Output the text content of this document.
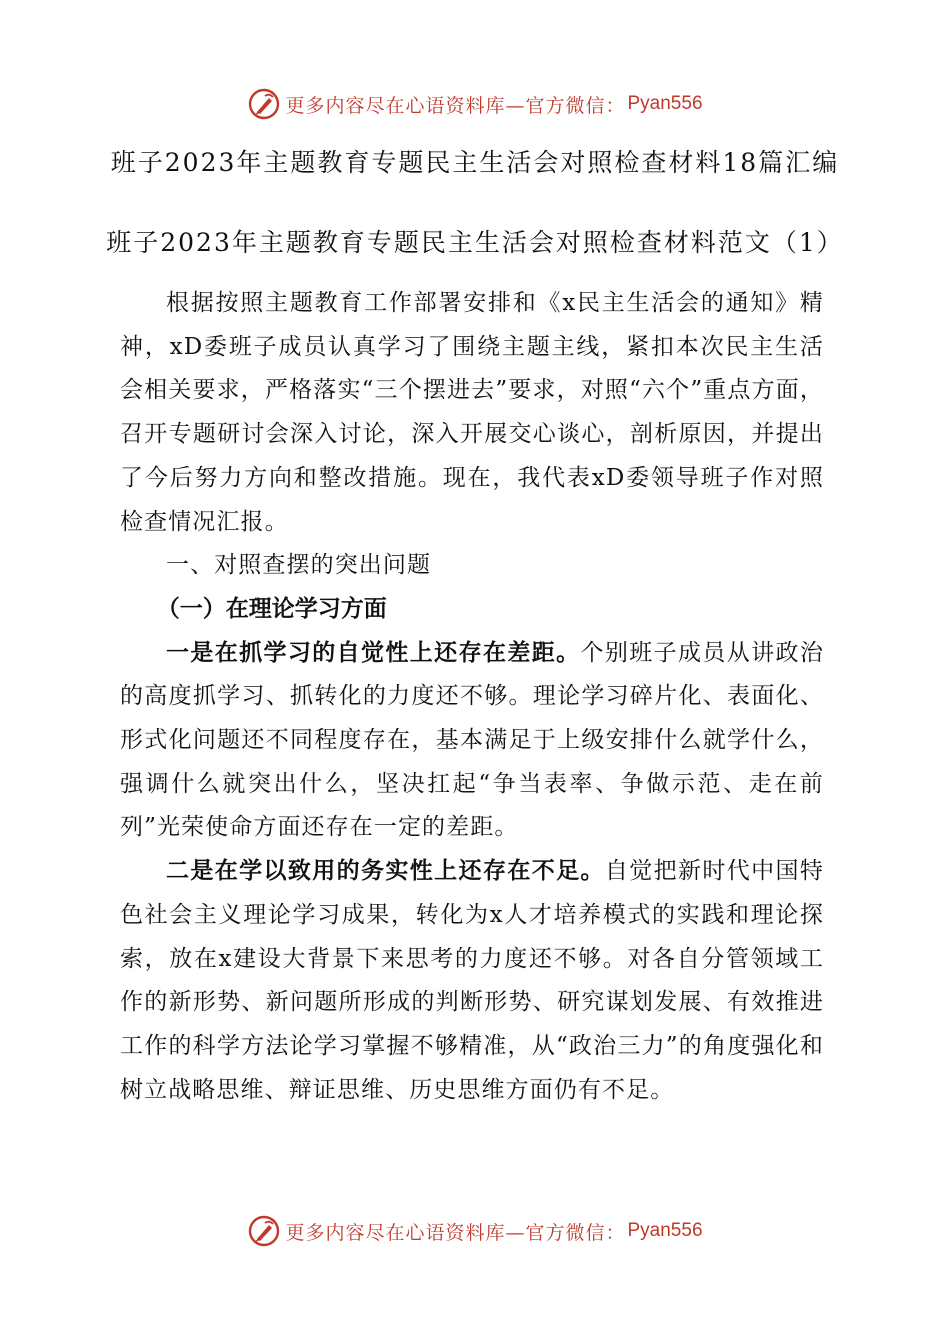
更多内容尽在心语资料库—官方微信： Pyan556
班子2023年主题教育专题民主生活会对照检查材料18篇汇编
班子2023年主题教育专题民主生活会对照检查材料范文（1）

根据按照主题教育工作部署安排和《x民主生活会的通知》精神，xD委班子成员认真学习了围绕主题主线，紧扣本次民主生活会相关要求，严格落实“三个摆进去”要求，对照“六个”重点方面，召开专题研讨会深入讨论，深入开展交心谈心，剖析原因，并提出了今后努力方向和整改措施。现在，我代表xD委领导班子作对照检查情况汇报。

一、对照查摆的突出问题

（一）在理论学习方面

一是在抓学习的自觉性上还存在差距。个别班子成员从讲政治的高度抓学习、抓转化的力度还不够。理论学习碎片化、表面化、形式化问题还不同程度存在，基本满足于上级安排什么就学什么，强调什么就突出什么，坚决扛起“争当表率、争做示范、走在前列”光荣使命方面还存在一定的差距。

二是在学以致用的务实性上还存在不足。自觉把新时代中国特色社会主义理论学习成果，转化为x人才培养模式的实践和理论探索，放在x建设大背景下来思考的力度还不够。对各自分管领域工作的新形势、新问题所形成的判断形势、研究谋划发展、有效推进工作的科学方法论学习掌握不够精准，从“政治三力”的角度强化和树立战略思维、辩证思维、历史思维方面仍有不足。

更多内容尽在心语资料库—官方微信： Pyan556
